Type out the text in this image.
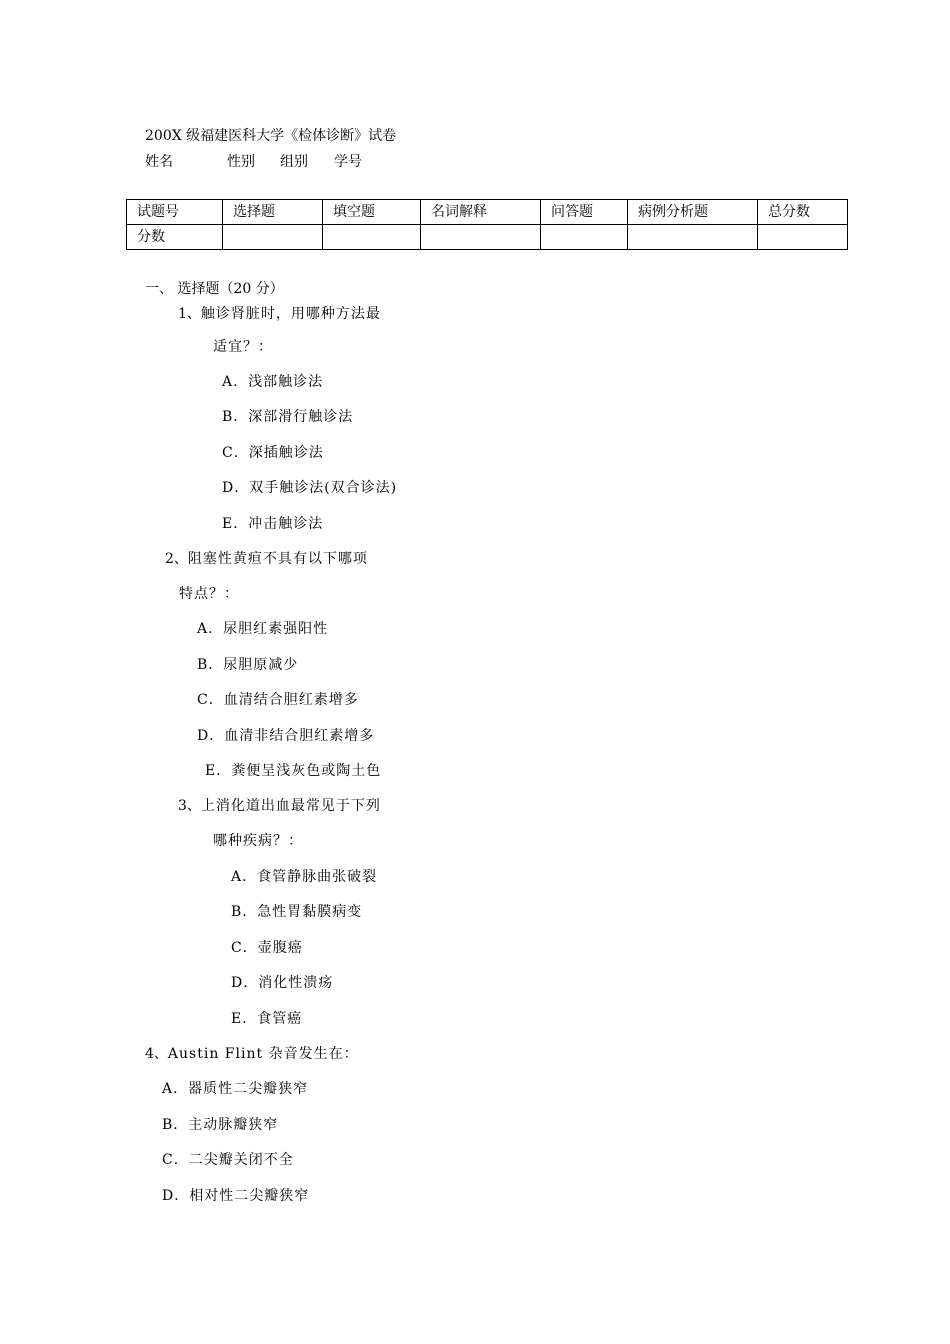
200X 级福建医科大学《检体诊断》试卷
姓名	性别 组别 学号
试题号	选择题	填空题	名词解释	问答题	病例分析题	总分数
分数						
一、 选择题（20 分）
1、触诊肾脏时，用哪种方法最
适宜？：
A．浅部触诊法
B．深部滑行触诊法
C．深插触诊法
D．双手触诊法(双合诊法)
E．冲击触诊法
2、阻塞性黄疸不具有以下哪项
特点？：
A．尿胆红素强阳性
B．尿胆原减少
C．血清结合胆红素增多
D．血清非结合胆红素增多
E．粪便呈浅灰色或陶土色
3、上消化道出血最常见于下列
哪种疾病？：
A．食管静脉曲张破裂
B．急性胃黏膜病变
C．壶腹癌
D．消化性溃疡
E．食管癌
4、Austin Flint 杂音发生在：
A．器质性二尖瓣狭窄
B．主动脉瓣狭窄
C．二尖瓣关闭不全
D．相对性二尖瓣狭窄
